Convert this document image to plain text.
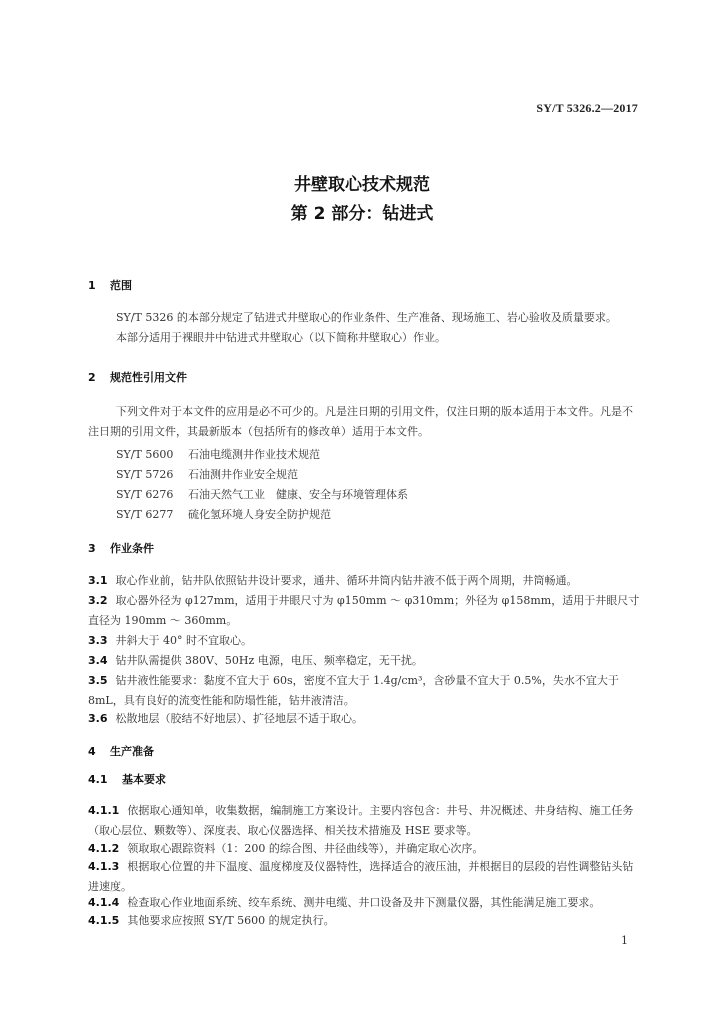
SY/T 5326.2—2017
井壁取心技术规范
第 2 部分：钻进式
1 范围
SY/T 5326 的本部分规定了钻进式井壁取心的作业条件、生产准备、现场施工、岩心验收及质量要求。
本部分适用于裸眼井中钻进式井壁取心（以下简称井壁取心）作业。
2 规范性引用文件
下列文件对于本文件的应用是必不可少的。凡是注日期的引用文件，仅注日期的版本适用于本文件。凡是不注日期的引用文件，其最新版本（包括所有的修改单）适用于本文件。
SY/T 5600 石油电缆测井作业技术规范
SY/T 5726 石油测井作业安全规范
SY/T 6276 石油天然气工业　健康、安全与环境管理体系
SY/T 6277 硫化氢环境人身安全防护规范
3 作业条件
3.1 取心作业前，钻井队依照钻井设计要求，通井、循环井筒内钻井液不低于两个周期，井筒畅通。
3.2 取心器外径为 φ127mm，适用于井眼尺寸为 φ150mm ～ φ310mm；外径为 φ158mm，适用于井眼尺寸直径为 190mm ～ 360mm。
3.3 井斜大于 40° 时不宜取心。
3.4 钻井队需提供 380V、50Hz 电源，电压、频率稳定，无干扰。
3.5 钻井液性能要求：黏度不宜大于 60s，密度不宜大于 1.4g/cm³，含砂量不宜大于 0.5%，失水不宜大于 8mL，具有良好的流变性能和防塌性能，钻井液清洁。
3.6 松散地层（胶结不好地层）、扩径地层不适于取心。
4 生产准备
4.1 基本要求
4.1.1 依据取心通知单，收集数据，编制施工方案设计。主要内容包含：井号、井况概述、井身结构、施工任务（取心层位、颗数等）、深度表、取心仪器选择、相关技术措施及 HSE 要求等。
4.1.2 领取取心跟踪资料（1：200 的综合图、井径曲线等），并确定取心次序。
4.1.3 根据取心位置的井下温度、温度梯度及仪器特性，选择适合的液压油，并根据目的层段的岩性调整钻头钻进速度。
4.1.4 检查取心作业地面系统、绞车系统、测井电缆、井口设备及井下测量仪器，其性能满足施工要求。
4.1.5 其他要求应按照 SY/T 5600 的规定执行。
1
